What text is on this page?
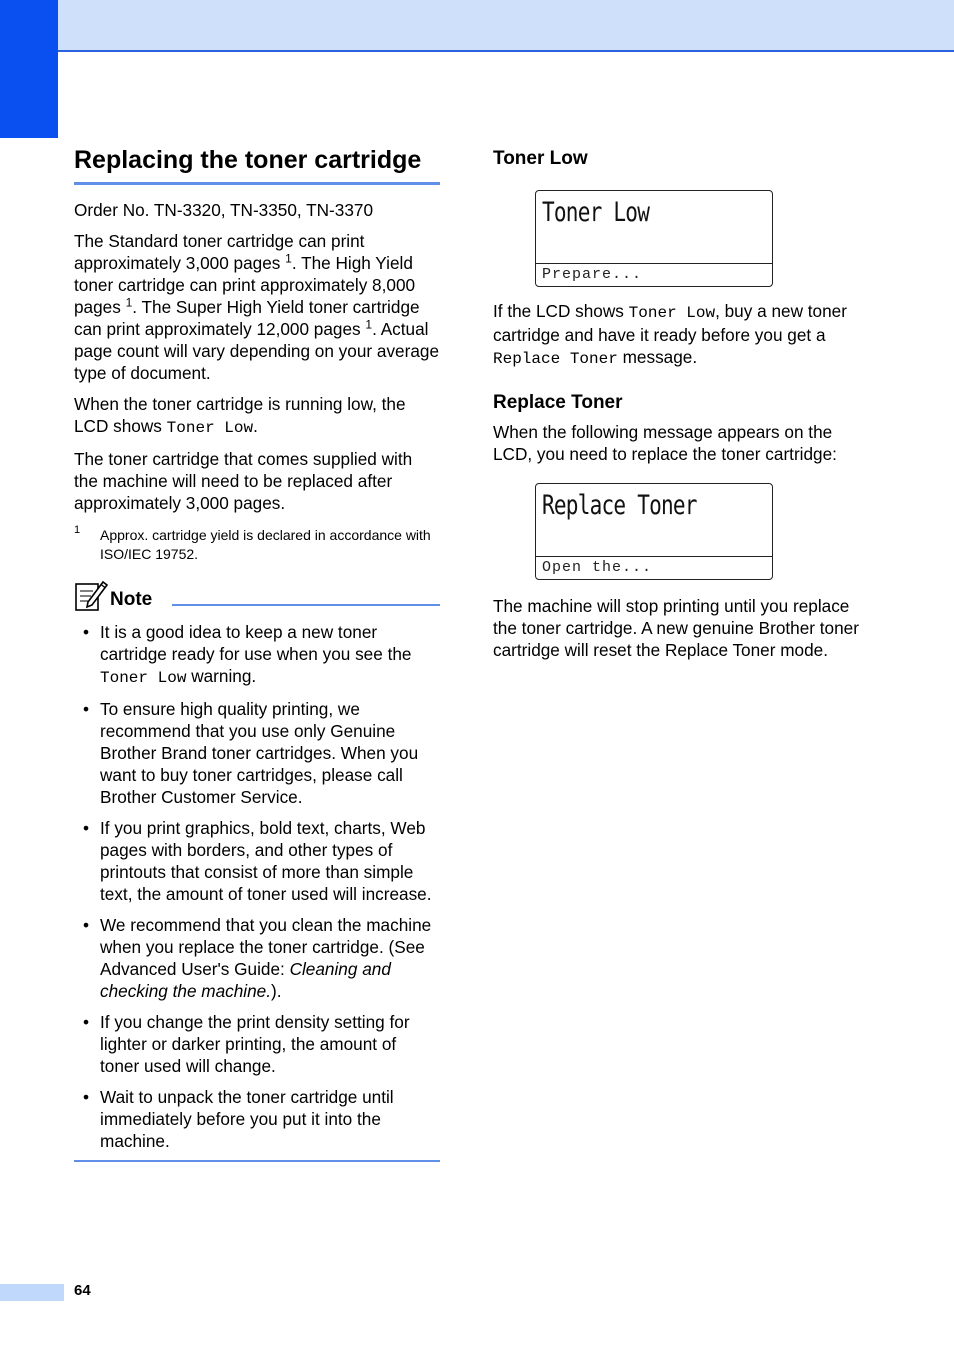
Replacing the toner cartridge

Order No. TN-3320, TN-3350, TN-3370

The Standard toner cartridge can print approximately 3,000 pages $^1$. The High Yield toner cartridge can print approximately 8,000 pages $^1$. The Super High Yield toner cartridge can print approximately 12,000 pages $^1$. Actual page count will vary depending on your average type of document.

When the toner cartridge is running low, the LCD shows Toner Low.

The toner cartridge that comes supplied with the machine will need to be replaced after approximately 3,000 pages.

1 Approx. cartridge yield is declared in accordance with ISO/IEC 19752.
Note
• It is a good idea to keep a new toner cartridge ready for use when you see the Toner Low warning.
• To ensure high quality printing, we recommend that you use only Genuine Brother Brand toner cartridges. When you want to buy toner cartridges, please call Brother Customer Service.
• If you print graphics, bold text, charts, Web pages with borders, and other types of printouts that consist of more than simple text, the amount of toner used will increase.
• We recommend that you clean the machine when you replace the toner cartridge. (See Advanced User's Guide: Cleaning and checking the machine.).
• If you change the print density setting for lighter or darker printing, the amount of toner used will change.
• Wait to unpack the toner cartridge until immediately before you put it into the machine.
Toner Low
Toner Low
Prepare...

If the LCD shows Toner Low, buy a new toner cartridge and have it ready before you get a Replace Toner message.

Replace Toner

When the following message appears on the LCD, you need to replace the toner cartridge:

Replace Toner
Open the...

The machine will stop printing until you replace the toner cartridge. A new genuine Brother toner cartridge will reset the Replace Toner mode.

64
